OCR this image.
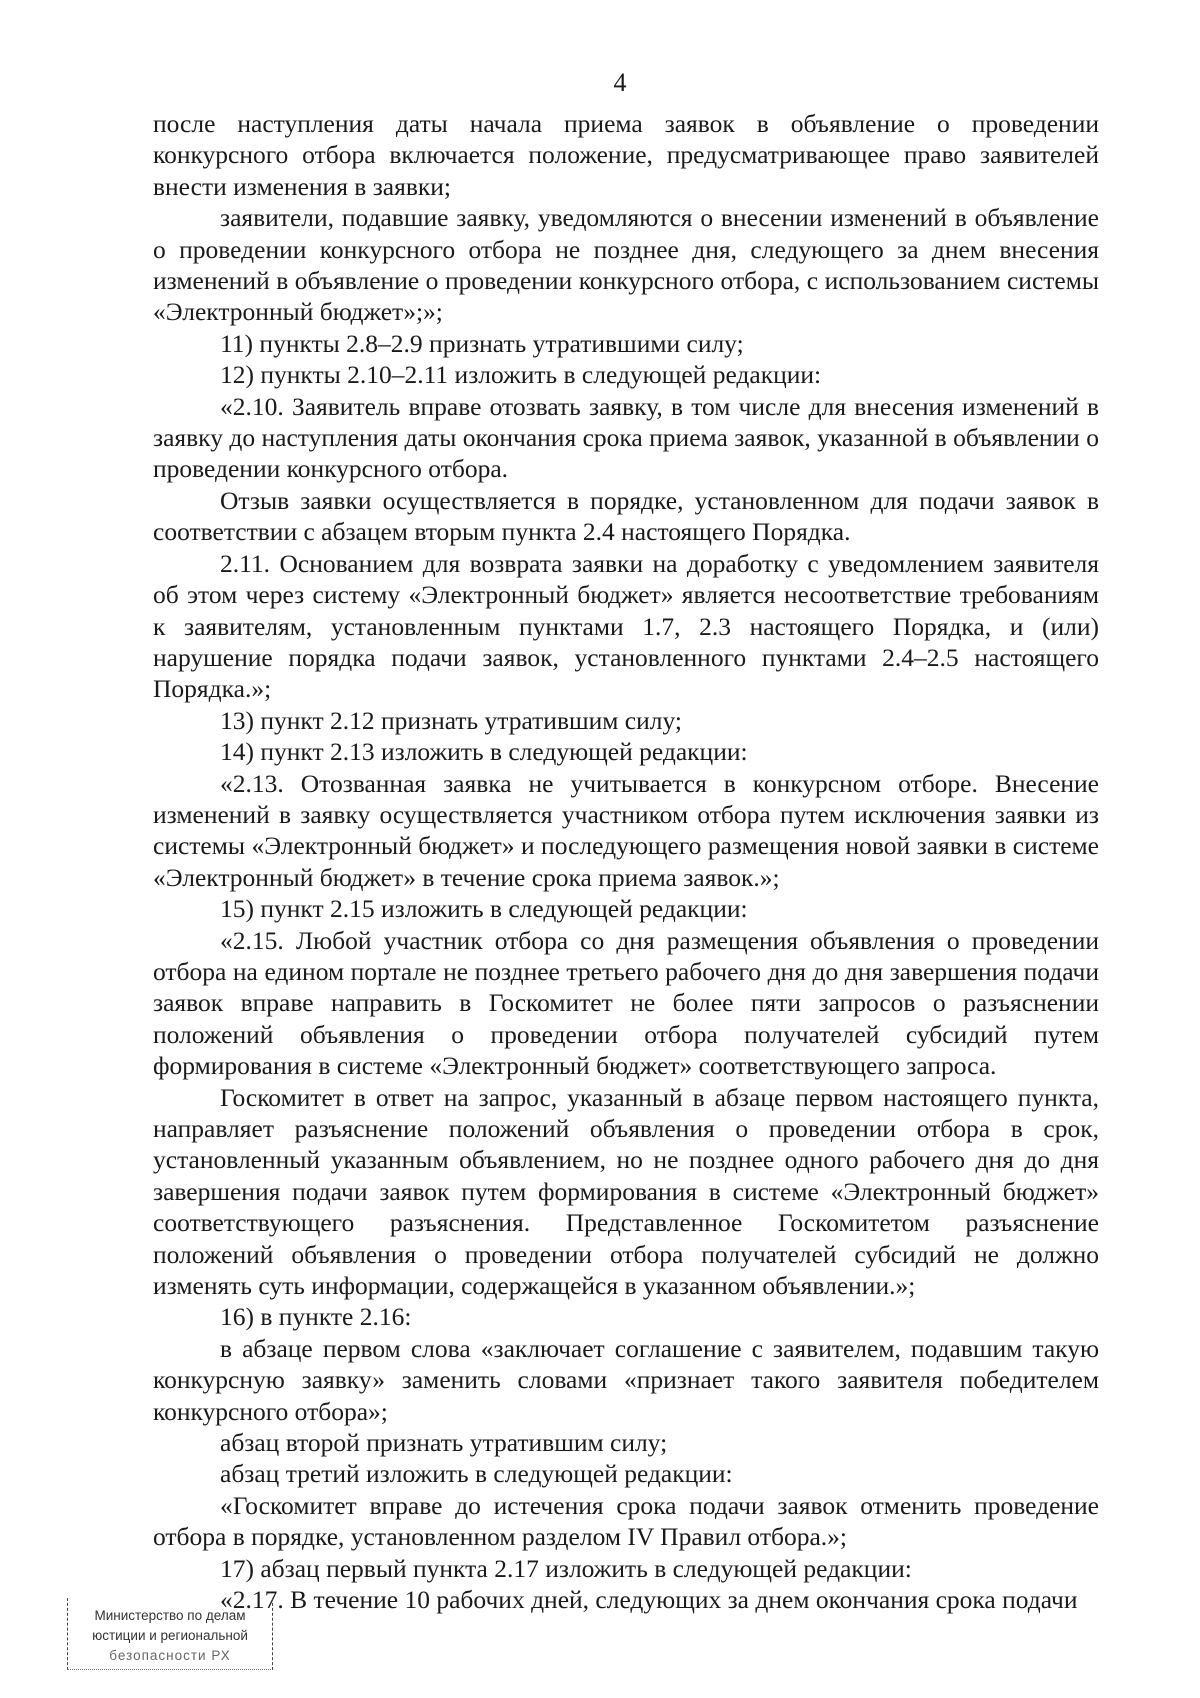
4

после наступления даты начала приема заявок в объявление о проведении конкурсного отбора включается положение, предусматривающее право заявителей внести изменения в заявки;

заявители, подавшие заявку, уведомляются о внесении изменений в объявление о проведении конкурсного отбора не позднее дня, следующего за днем внесения изменений в объявление о проведении конкурсного отбора, с использованием системы «Электронный бюджет»;»;

11) пункты 2.8–2.9 признать утратившими силу;

12) пункты 2.10–2.11 изложить в следующей редакции:

«2.10. Заявитель вправе отозвать заявку, в том числе для внесения изменений в заявку до наступления даты окончания срока приема заявок, указанной в объявлении о проведении конкурсного отбора.

Отзыв заявки осуществляется в порядке, установленном для подачи заявок в соответствии с абзацем вторым пункта 2.4 настоящего Порядка.

2.11. Основанием для возврата заявки на доработку с уведомлением заявителя об этом через систему «Электронный бюджет» является несоответствие требованиям к заявителям, установленным пунктами 1.7, 2.3 настоящего Порядка, и (или) нарушение порядка подачи заявок, установленного пунктами 2.4–2.5 настоящего Порядка.»;

13) пункт 2.12 признать утратившим силу;

14) пункт 2.13 изложить в следующей редакции:

«2.13. Отозванная заявка не учитывается в конкурсном отборе. Внесение изменений в заявку осуществляется участником отбора путем исключения заявки из системы «Электронный бюджет» и последующего размещения новой заявки в системе «Электронный бюджет» в течение срока приема заявок.»;

15) пункт 2.15 изложить в следующей редакции:

«2.15. Любой участник отбора со дня размещения объявления о проведении отбора на едином портале не позднее третьего рабочего дня до дня завершения подачи заявок вправе направить в Госкомитет не более пяти запросов о разъяснении положений объявления о проведении отбора получателей субсидий путем формирования в системе «Электронный бюджет» соответствующего запроса.

Госкомитет в ответ на запрос, указанный в абзаце первом настоящего пункта, направляет разъяснение положений объявления о проведении отбора в срок, установленный указанным объявлением, но не позднее одного рабочего дня до дня завершения подачи заявок путем формирования в системе «Электронный бюджет» соответствующего разъяснения. Представленное Госкомитетом разъяснение положений объявления о проведении отбора получателей субсидий не должно изменять суть информации, содержащейся в указанном объявлении.»;

16) в пункте 2.16:

в абзаце первом слова «заключает соглашение с заявителем, подавшим такую конкурсную заявку» заменить словами «признает такого заявителя победителем конкурсного отбора»;

абзац второй признать утратившим силу;

абзац третий изложить в следующей редакции:

«Госкомитет вправе до истечения срока подачи заявок отменить проведение отбора в порядке, установленном разделом IV Правил отбора.»;

17) абзац первый пункта 2.17 изложить в следующей редакции:

«2.17. В течение 10 рабочих дней, следующих за днем окончания срока подачи

Министерство по делам
юстиции и региональной
безопасности РХ
